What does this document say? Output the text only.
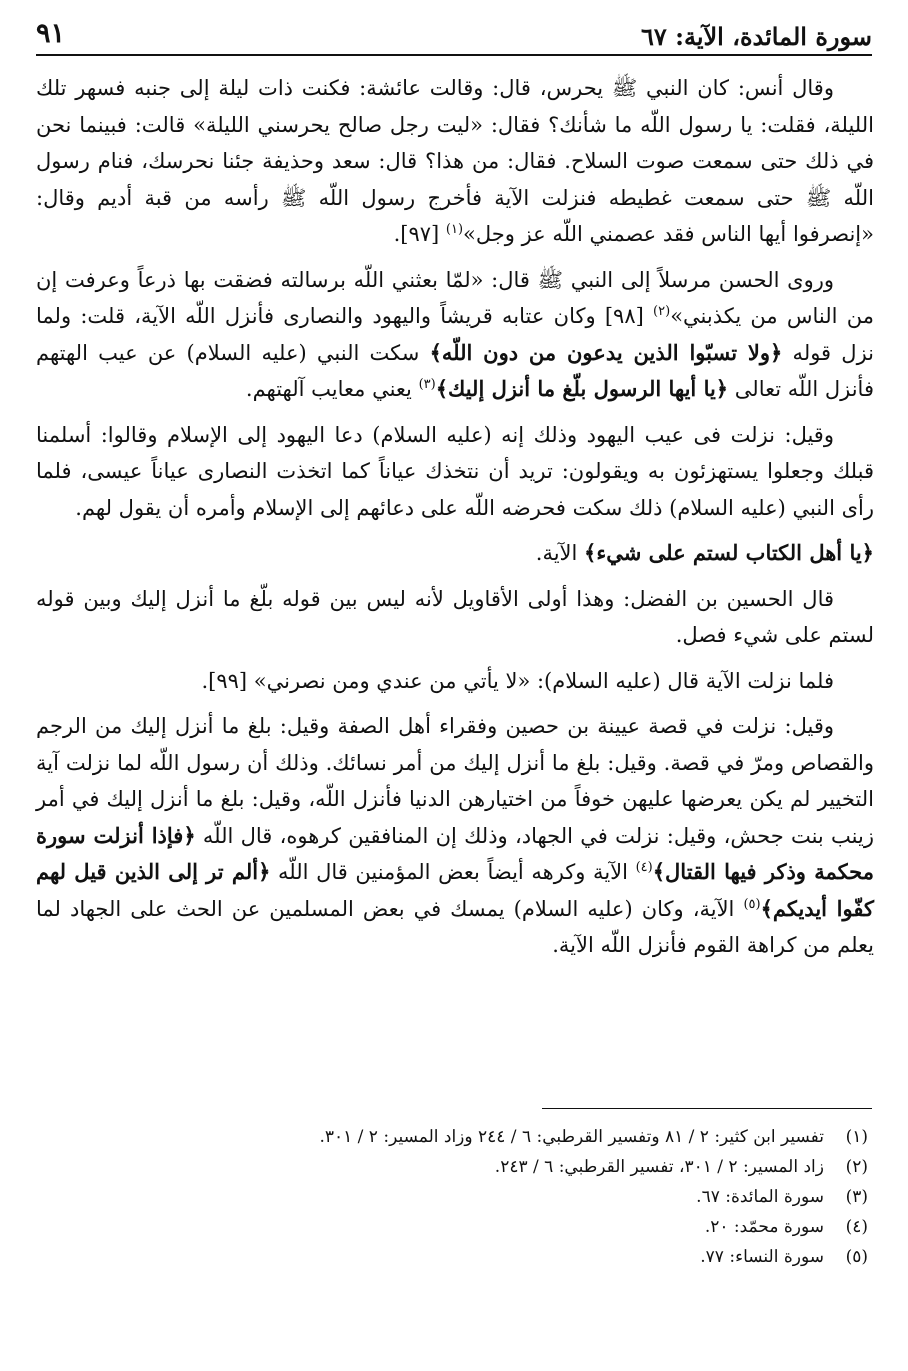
سورة المائدة، الآية: ٦٧
٩١

وقال أنس: كان النبي ﷺ يحرس، قال: وقالت عائشة: فكنت ذات ليلة إلى جنبه فسهر تلك الليلة، فقلت: يا رسول اللّه ما شأنك؟ فقال: «ليت رجل صالح يحرسني الليلة» قالت: فبينما نحن في ذلك حتى سمعت صوت السلاح. فقال: من هذا؟ قال: سعد وحذيفة جئنا نحرسك، فنام رسول اللّه ﷺ حتى سمعت غطيطه فنزلت الآية فأخرج رسول اللّه ﷺ رأسه من قبة أديم وقال: «إنصرفوا أيها الناس فقد عصمني اللّه عز وجل»$^{(١)}$ [٩٧].

وروى الحسن مرسلاً إلى النبي ﷺ قال: «لمّا بعثني اللّه برسالته فضقت بها ذرعاً وعرفت إن من الناس من يكذبني»$^{(٢)}$ [٩٨] وكان عتابه قريشاً واليهود والنصارى فأنزل اللّه الآية، قلت: ولما نزل قوله ﴿ولا تسبّوا الذين يدعون من دون اللّه﴾ سكت النبي (عليه السلام) عن عيب الهتهم فأنزل اللّه تعالى ﴿يا أيها الرسول بلّغ ما أنزل إليك﴾$^{(٣)}$ يعني معايب آلهتهم.

وقيل: نزلت فى عيب اليهود وذلك إنه (عليه السلام) دعا اليهود إلى الإسلام وقالوا: أسلمنا قبلك وجعلوا يستهزئون به ويقولون: تريد أن نتخذك عياناً كما اتخذت النصارى عياناً عيسى، فلما رأى النبي (عليه السلام) ذلك سكت فحرضه اللّه على دعائهم إلى الإسلام وأمره أن يقول لهم.

﴿يا أهل الكتاب لستم على شيء﴾ الآية.

قال الحسين بن الفضل: وهذا أولى الأقاويل لأنه ليس بين قوله بلّغ ما أنزل إليك وبين قوله لستم على شيء فصل.

فلما نزلت الآية قال (عليه السلام): «لا يأتي من عندي ومن نصرني» [٩٩].

وقيل: نزلت في قصة عيينة بن حصين وفقراء أهل الصفة وقيل: بلغ ما أنزل إليك من الرجم والقصاص ومرّ في قصة. وقيل: بلغ ما أنزل إليك من أمر نسائك. وذلك أن رسول اللّه لما نزلت آية التخيير لم يكن يعرضها عليهن خوفاً من اختيارهن الدنيا فأنزل اللّه، وقيل: بلغ ما أنزل إليك في أمر زينب بنت جحش، وقيل: نزلت في الجهاد، وذلك إن المنافقين كرهوه، قال اللّه ﴿فإذا أنزلت سورة محكمة وذكر فيها القتال﴾$^{(٤)}$ الآية وكرهه أيضاً بعض المؤمنين قال اللّه ﴿ألم تر إلى الذين قيل لهم كفّوا أيديكم﴾$^{(٥)}$ الآية، وكان (عليه السلام) يمسك في بعض المسلمين عن الحث على الجهاد لما يعلم من كراهة القوم فأنزل اللّه الآية.

(١)
تفسير ابن كثير: ٢ / ٨١ وتفسير القرطبي: ٦ / ٢٤٤ وزاد المسير: ٢ / ٣٠١.
(٢)
زاد المسير: ٢ / ٣٠١، تفسير القرطبي: ٦ / ٢٤٣.
(٣)
سورة المائدة: ٦٧.
(٤)
سورة محمّد: ٢٠.
(٥)
سورة النساء: ٧٧.
